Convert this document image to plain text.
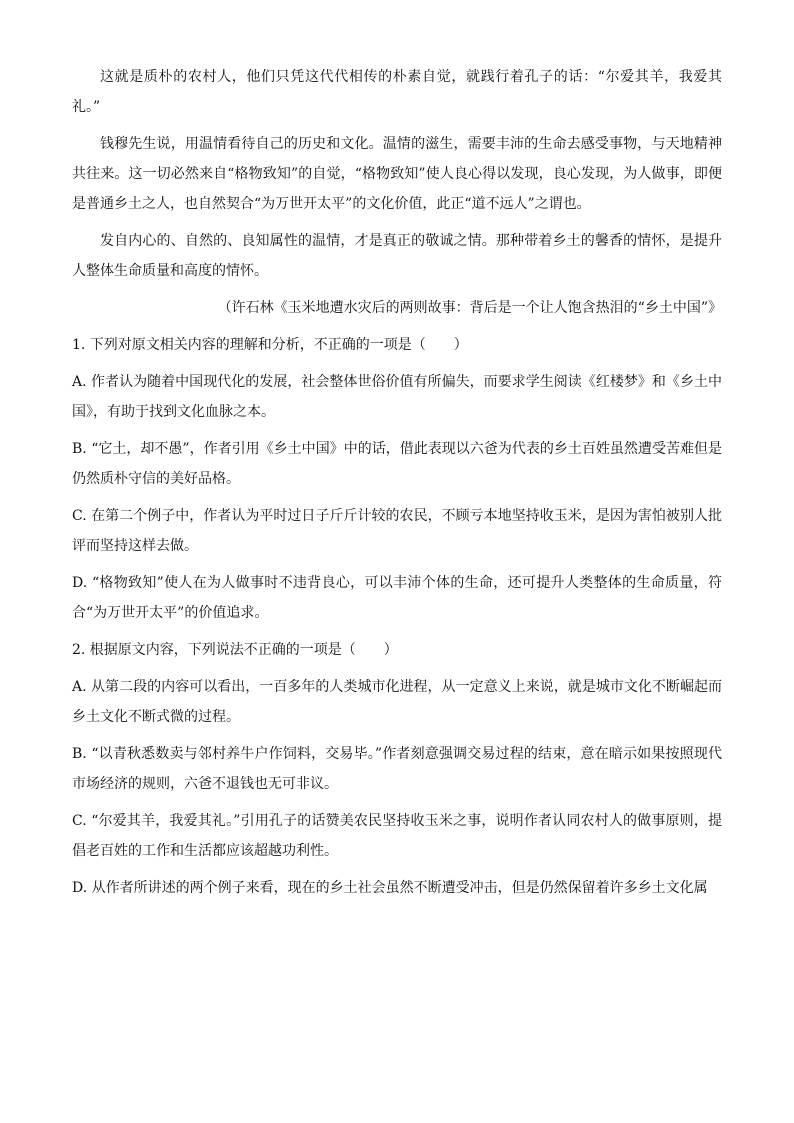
这就是质朴的农村人，他们只凭这代代相传的朴素自觉，就践行着孔子的话：“尔爱其羊，我爱其礼。”

钱穆先生说，用温情看待自己的历史和文化。温情的滋生，需要丰沛的生命去感受事物，与天地精神共往来。这一切必然来自“格物致知”的自觉，“格物致知”使人良心得以发现，良心发现，为人做事，即便是普通乡土之人，也自然契合“为万世开太平”的文化价值，此正“道不远人”之谓也。

发自内心的、自然的、良知属性的温情，才是真正的敬诚之情。那种带着乡土的馨香的情怀，是提升人整体生命质量和高度的情怀。

（许石林《玉米地遭水灾后的两则故事：背后是一个让人饱含热泪的“乡土中国”》

1. 下列对原文相关内容的理解和分析，不正确的一项是（　　）

A. 作者认为随着中国现代化的发展，社会整体世俗价值有所偏失，而要求学生阅读《红楼梦》和《乡土中国》，有助于找到文化血脉之本。

B. “它土，却不愚”，作者引用《乡土中国》中的话，借此表现以六爸为代表的乡土百姓虽然遭受苦难但是仍然质朴守信的美好品格。

C. 在第二个例子中，作者认为平时过日子斤斤计较的农民，不顾亏本地坚持收玉米，是因为害怕被别人批评而坚持这样去做。

D. “格物致知”使人在为人做事时不违背良心，可以丰沛个体的生命，还可提升人类整体的生命质量，符合“为万世开太平”的价值追求。

2. 根据原文内容，下列说法不正确的一项是（　　）

A. 从第二段的内容可以看出，一百多年的人类城市化进程，从一定意义上来说，就是城市文化不断崛起而乡土文化不断式微的过程。

B. “以青秋悉数卖与邻村养牛户作饲料，交易毕。”作者刻意强调交易过程的结束，意在暗示如果按照现代市场经济的规则，六爸不退钱也无可非议。

C. “尔爱其羊，我爱其礼。”引用孔子的话赞美农民坚持收玉米之事，说明作者认同农村人的做事原则，提倡老百姓的工作和生活都应该超越功利性。

D. 从作者所讲述的两个例子来看，现在的乡土社会虽然不断遭受冲击，但是仍然保留着许多乡土文化属
